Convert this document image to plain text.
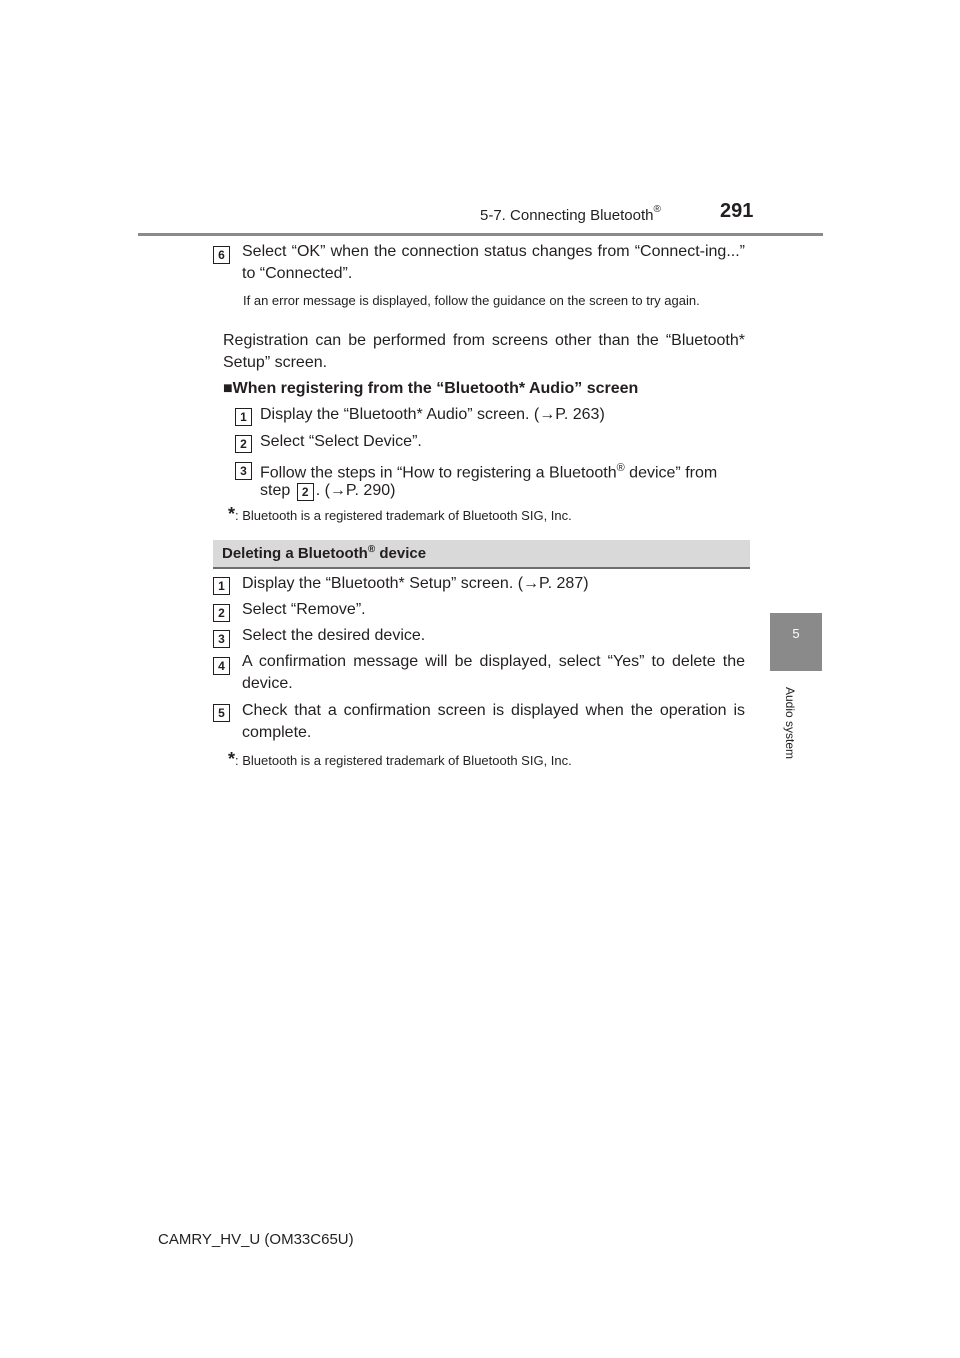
5-7. Connecting Bluetooth®	291
5
Audio system
6	Select “OK” when the connection status changes from “Connect-ing...” to “Connected”.
If an error message is displayed, follow the guidance on the screen to try again.
Registration can be performed from screens other than the “Bluetooth* Setup” screen.
■When registering from the “Bluetooth* Audio” screen
1 Display the “Bluetooth* Audio” screen. (→P. 263)
2 Select “Select Device”.
3 Follow the steps in “How to registering a Bluetooth® device” from
step 2 . (→P. 290)
*: Bluetooth is a registered trademark of Bluetooth SIG, Inc.
Deleting a Bluetooth® device
1	Display the “Bluetooth* Setup” screen. (→P. 287)
2	Select “Remove”.
3	Select the desired device.
4	A confirmation message will be displayed, select “Yes” to delete the device.
5	Check that a confirmation screen is displayed when the operation is complete.
*: Bluetooth is a registered trademark of Bluetooth SIG, Inc.
CAMRY_HV_U (OM33C65U)
